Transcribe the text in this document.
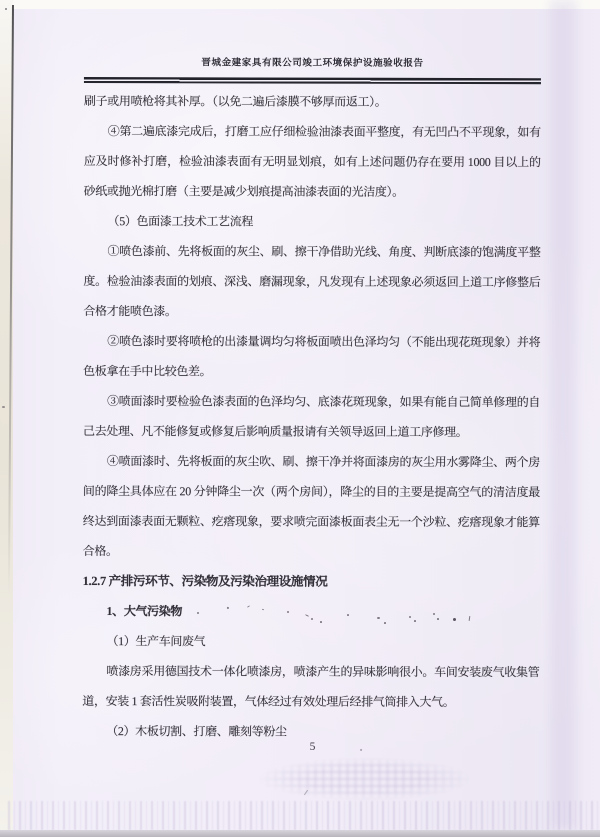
晋城金建家具有限公司竣工环境保护设施验收报告

刷子或用喷枪将其补厚。（以免二遍后漆膜不够厚而返工）。

④第二遍底漆完成后，打磨工应仔细检验油漆表面平整度，有无凹凸不平现象，如有应及时修补打磨，检验油漆表面有无明显划痕，如有上述问题仍存在要用 1000 目以上的砂纸或抛光棉打磨（主要是减少划痕提高油漆表面的光洁度）。

（5）色面漆工技术工艺流程

①喷色漆前、先将板面的灰尘、刷、擦干净借助光线、角度、判断底漆的饱满度平整度。检验油漆表面的划痕、深浅、磨漏现象，凡发现有上述现象必须返回上道工序修整后合格才能喷色漆。

②喷色漆时要将喷枪的出漆量调均匀将板面喷出色泽均匀（不能出现花斑现象）并将色板拿在手中比较色差。

③喷面漆时要检验色漆表面的色泽均匀、底漆花斑现象，如果有能自己简单修理的自己去处理、凡不能修复或修复后影响质量报请有关领导返回上道工序修理。

④喷面漆时、先将板面的灰尘吹、刷、擦干净并将面漆房的灰尘用水雾降尘、两个房间的降尘具体应在 20 分钟降尘一次（两个房间），降尘的目的主要是提高空气的清洁度最终达到面漆表面无颗粒、疙瘩现象，要求喷完面漆板面表尘无一个沙粒、疙瘩现象才能算合格。

1.2.7 产排污环节、污染物及污染治理设施情况

1、大气污染物

（1）生产车间废气

喷漆房采用德国技术一体化喷漆房，喷漆产生的异味影响很小。车间安装废气收集管道，安装 1 套活性炭吸附装置，气体经过有效处理后经排气筒排入大气。

（2）木板切割、打磨、雕刻等粉尘

5
